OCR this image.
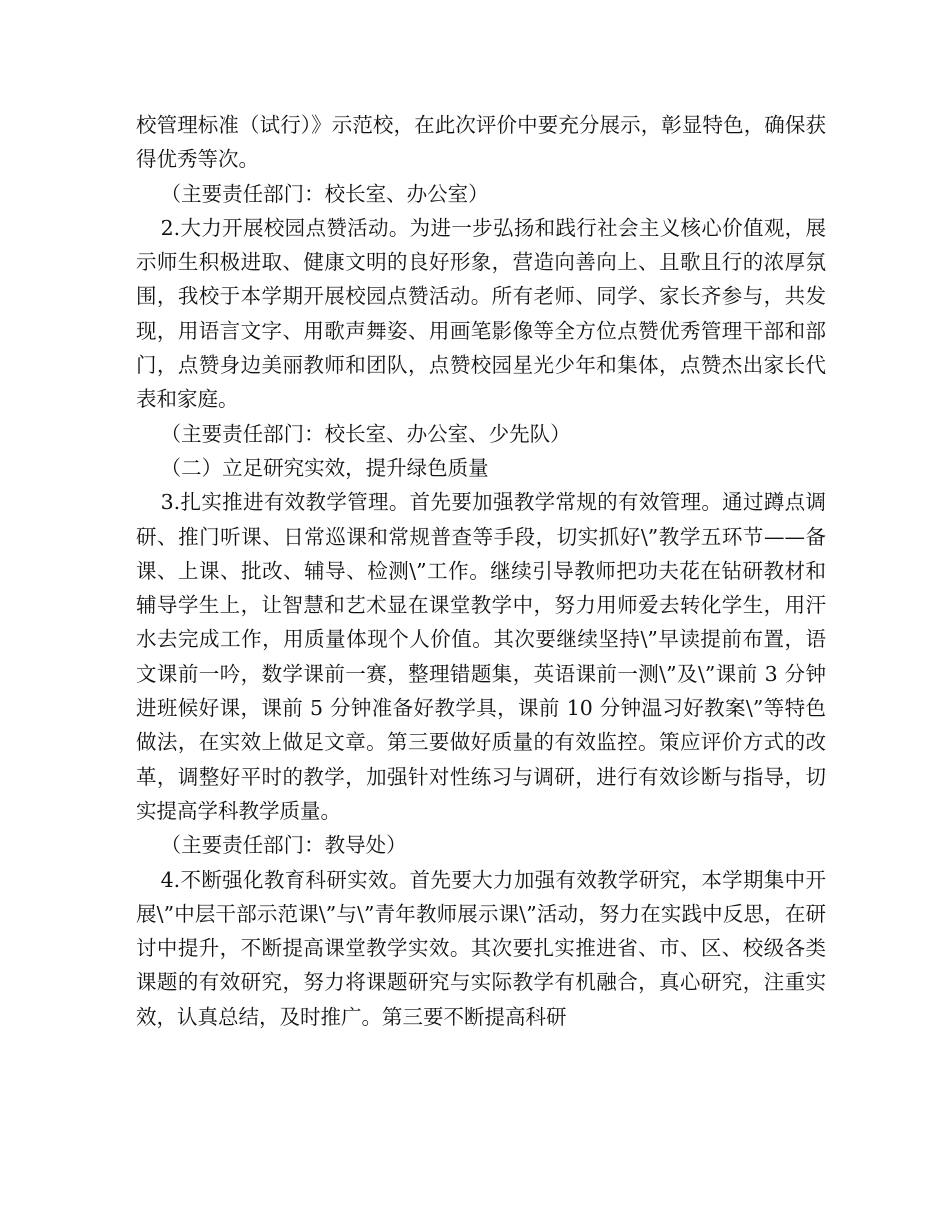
校管理标准（试行）》示范校，在此次评价中要充分展示，彰显特色，确保获得优秀等次。

（主要责任部门：校长室、办公室）

2.大力开展校园点赞活动。为进一步弘扬和践行社会主义核心价值观，展示师生积极进取、健康文明的良好形象，营造向善向上、且歌且行的浓厚氛围，我校于本学期开展校园点赞活动。所有老师、同学、家长齐参与，共发现，用语言文字、用歌声舞姿、用画笔影像等全方位点赞优秀管理干部和部门，点赞身边美丽教师和团队，点赞校园星光少年和集体，点赞杰出家长代表和家庭。

（主要责任部门：校长室、办公室、少先队）

（二）立足研究实效，提升绿色质量

3.扎实推进有效教学管理。首先要加强教学常规的有效管理。通过蹲点调研、推门听课、日常巡课和常规普查等手段，切实抓好\”教学五环节——备课、上课、批改、辅导、检测\”工作。继续引导教师把功夫花在钻研教材和辅导学生上，让智慧和艺术显在课堂教学中，努力用师爱去转化学生，用汗水去完成工作，用质量体现个人价值。其次要继续坚持\”早读提前布置，语文课前一吟，数学课前一赛，整理错题集，英语课前一测\”及\”课前 3 分钟进班候好课，课前 5 分钟准备好教学具，课前 10 分钟温习好教案\”等特色做法，在实效上做足文章。第三要做好质量的有效监控。策应评价方式的改革，调整好平时的教学，加强针对性练习与调研，进行有效诊断与指导，切实提高学科教学质量。

（主要责任部门：教导处）

4.不断强化教育科研实效。首先要大力加强有效教学研究，本学期集中开展\”中层干部示范课\”与\”青年教师展示课\”活动，努力在实践中反思，在研讨中提升，不断提高课堂教学实效。其次要扎实推进省、市、区、校级各类课题的有效研究，努力将课题研究与实际教学有机融合，真心研究，注重实效，认真总结，及时推广。第三要不断提高科研
